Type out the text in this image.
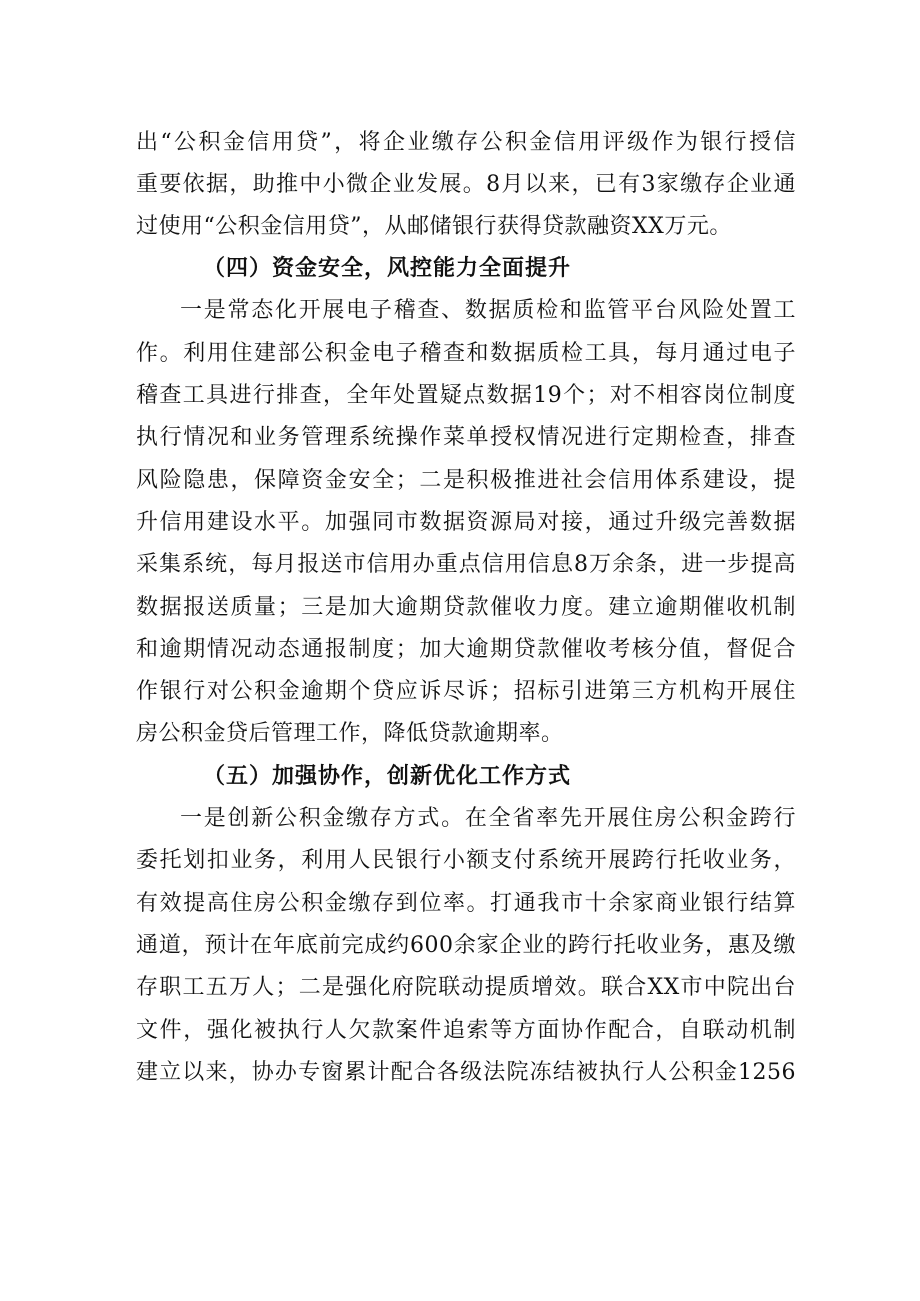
出“公积金信用贷”，将企业缴存公积金信用评级作为银行授信
重要依据，助推中小微企业发展。8月以来，已有3家缴存企业通
过使用“公积金信用贷”，从邮储银行获得贷款融资XX万元。
（四）资金安全，风控能力全面提升
一是常态化开展电子稽查、数据质检和监管平台风险处置工
作。利用住建部公积金电子稽查和数据质检工具，每月通过电子
稽查工具进行排查，全年处置疑点数据19个；对不相容岗位制度
执行情况和业务管理系统操作菜单授权情况进行定期检查，排查
风险隐患，保障资金安全；二是积极推进社会信用体系建设，提
升信用建设水平。加强同市数据资源局对接，通过升级完善数据
采集系统，每月报送市信用办重点信用信息8万余条，进一步提高
数据报送质量；三是加大逾期贷款催收力度。建立逾期催收机制
和逾期情况动态通报制度；加大逾期贷款催收考核分值，督促合
作银行对公积金逾期个贷应诉尽诉；招标引进第三方机构开展住
房公积金贷后管理工作，降低贷款逾期率。
（五）加强协作，创新优化工作方式
一是创新公积金缴存方式。在全省率先开展住房公积金跨行
委托划扣业务，利用人民银行小额支付系统开展跨行托收业务，
有效提高住房公积金缴存到位率。打通我市十余家商业银行结算
通道，预计在年底前完成约600余家企业的跨行托收业务，惠及缴
存职工五万人；二是强化府院联动提质增效。联合XX市中院出台
文件，强化被执行人欠款案件追索等方面协作配合，自联动机制
建立以来，协办专窗累计配合各级法院冻结被执行人公积金1256
